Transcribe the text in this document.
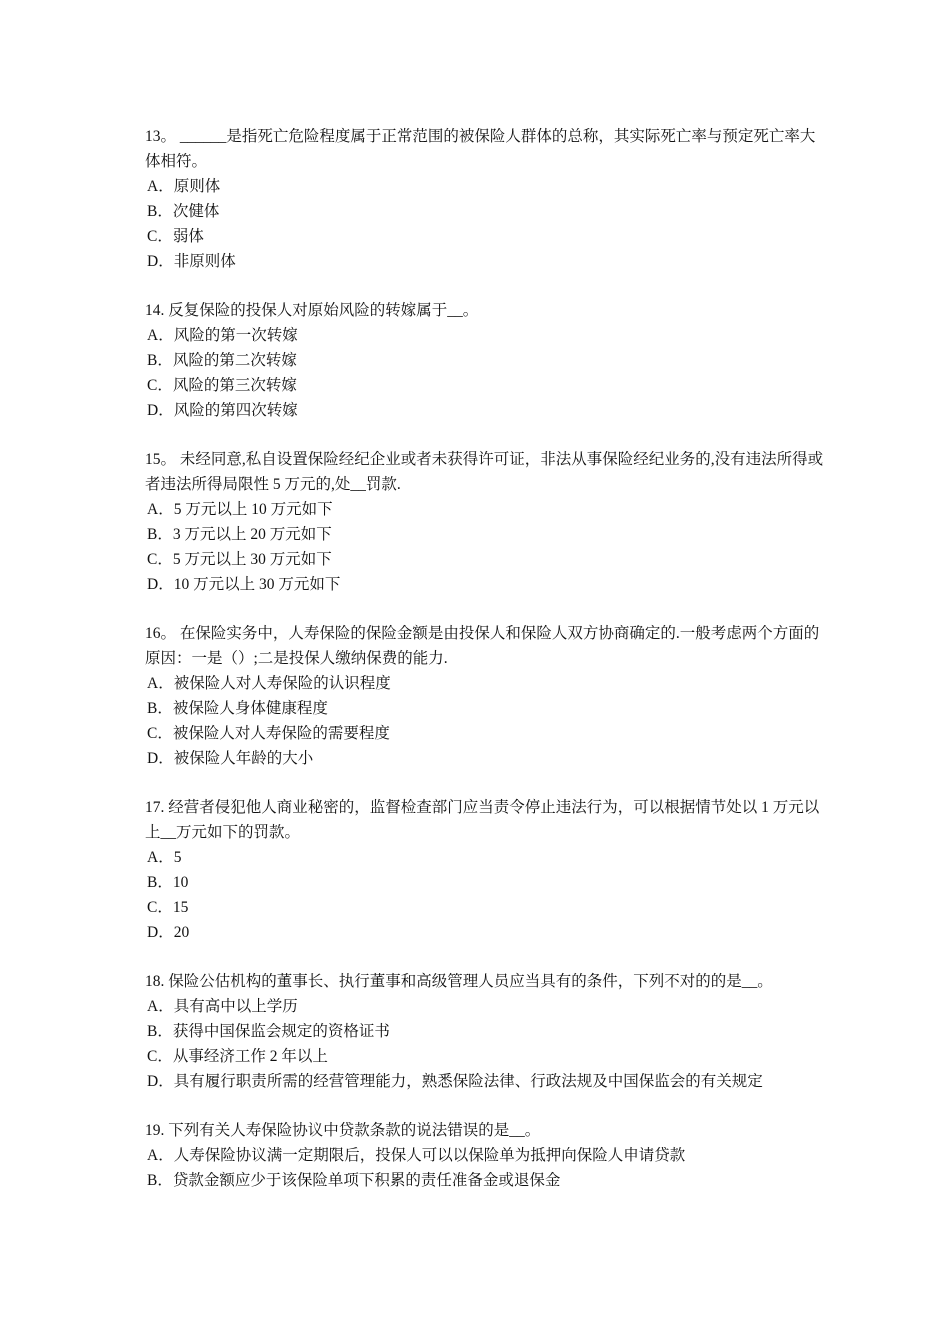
13。 ______是指死亡危险程度属于正常范围的被保险人群体的总称，其实际死亡率与预定死亡率大体相符。

A．原则体
B．次健体
C．弱体
D．非原则体

14. 反复保险的投保人对原始风险的转嫁属于__。

A．风险的第一次转嫁
B．风险的第二次转嫁
C．风险的第三次转嫁
D．风险的第四次转嫁

15。 未经同意,私自设置保险经纪企业或者未获得许可证，非法从事保险经纪业务的,没有违法所得或者违法所得局限性 5 万元的,处__罚款.

A．5 万元以上 10 万元如下
B．3 万元以上 20 万元如下
C．5 万元以上 30 万元如下
D．10 万元以上 30 万元如下

16。 在保险实务中，人寿保险的保险金额是由投保人和保险人双方协商确定的.一般考虑两个方面的原因：一是（）;二是投保人缴纳保费的能力.

A．被保险人对人寿保险的认识程度
B．被保险人身体健康程度
C．被保险人对人寿保险的需要程度
D．被保险人年龄的大小

17. 经营者侵犯他人商业秘密的，监督检查部门应当责令停止违法行为，可以根据情节处以 1 万元以上__万元如下的罚款。

A．5
B．10
C．15
D．20

18. 保险公估机构的董事长、执行董事和高级管理人员应当具有的条件，下列不对的的是__。

A．具有高中以上学历
B．获得中国保监会规定的资格证书
C．从事经济工作 2 年以上
D．具有履行职责所需的经营管理能力，熟悉保险法律、行政法规及中国保监会的有关规定

19. 下列有关人寿保险协议中贷款条款的说法错误的是__。

A．人寿保险协议满一定期限后，投保人可以以保险单为抵押向保险人申请贷款
B．贷款金额应少于该保险单项下积累的责任准备金或退保金
